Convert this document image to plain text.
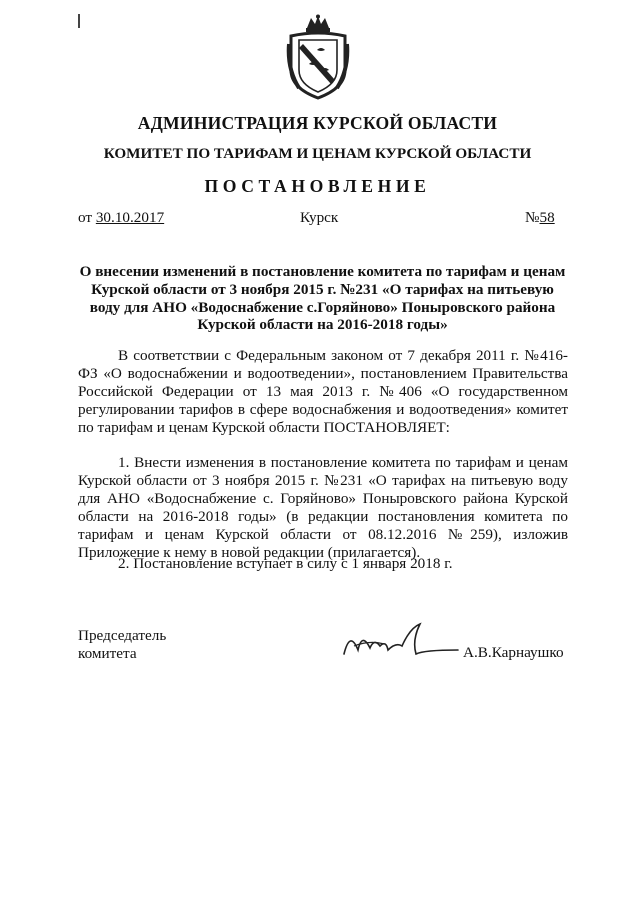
АДМИНИСТРАЦИЯ КУРСКОЙ ОБЛАСТИ
КОМИТЕТ ПО ТАРИФАМ И ЦЕНАМ КУРСКОЙ ОБЛАСТИ
ПОСТАНОВЛЕНИЕ
от 30.10.2017	Курск	№58
О внесении изменений в постановление комитета по тарифам и ценам Курской области от 3 ноября 2015 г. №231 «О тарифах на питьевую воду для АНО «Водоснабжение с.Горяйново» Поныровского района Курской области на 2016-2018 годы»
В соответствии с Федеральным законом от 7 декабря 2011 г. №416-ФЗ «О водоснабжении и водоотведении», постановлением Правительства Российской Федерации от 13 мая 2013 г. №406 «О государственном регулировании тарифов в сфере водоснабжения и водоотведения» комитет по тарифам и ценам Курской области ПОСТАНОВЛЯЕТ:
1. Внести изменения в постановление комитета по тарифам и ценам Курской области от 3 ноября 2015 г. №231 «О тарифах на питьевую воду для АНО «Водоснабжение с. Горяйново» Поныровского района Курской области на 2016-2018 годы» (в редакции постановления комитета по тарифам и ценам Курской области от 08.12.2016 №259), изложив Приложение к нему в новой редакции (прилагается).
2. Постановление вступает в силу с 1 января 2018 г.
Председатель
комитета	А.В.Карнаушко
